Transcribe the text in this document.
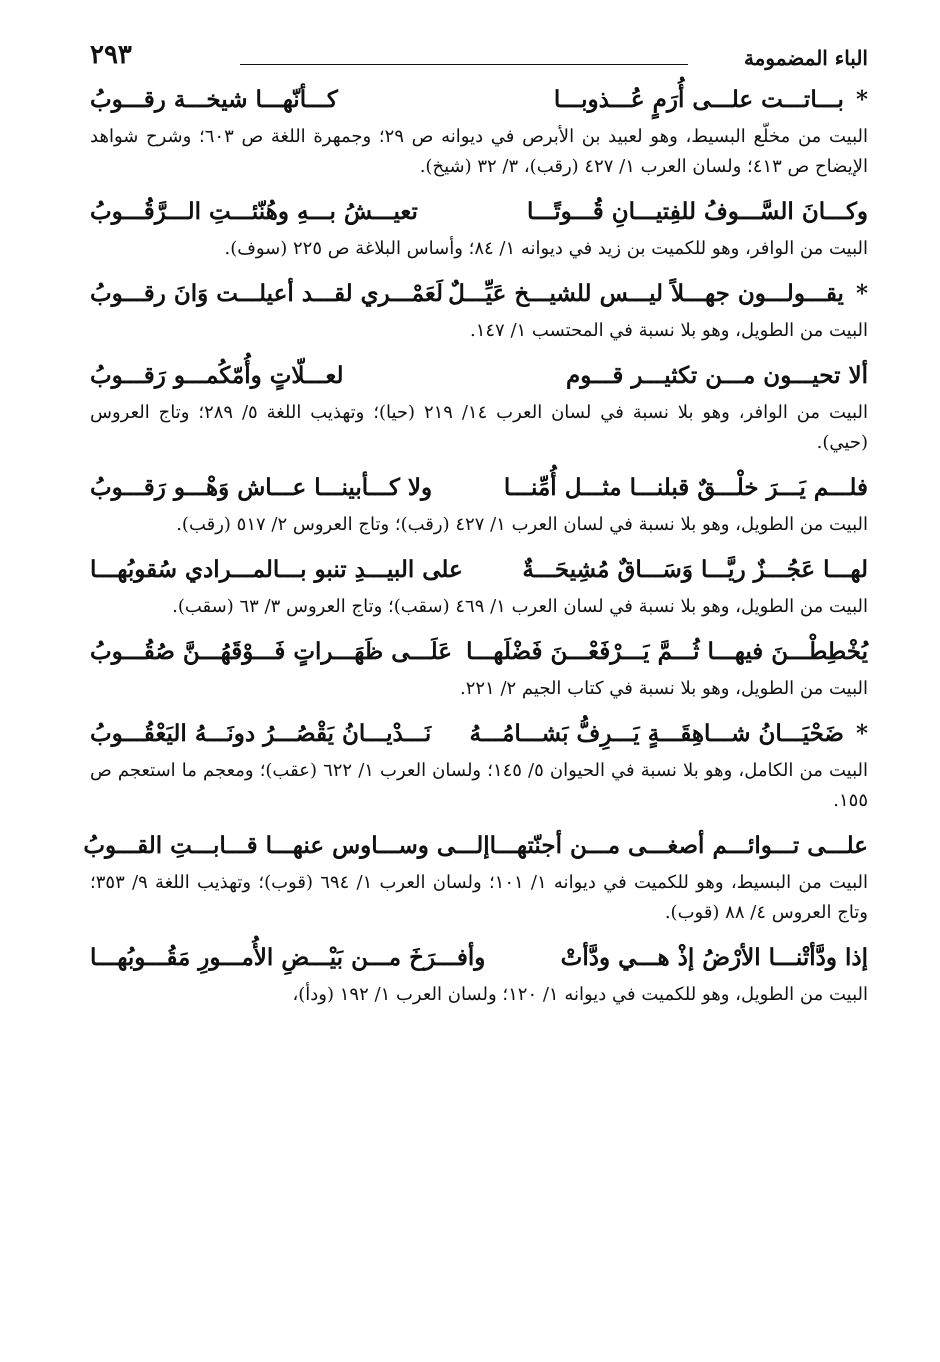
الباء المضمومة
٢٩٣
* بـــاتـــت علـــى أُرَمٍ عُـــذوبـــا
كـــأنّهـــا شيخـــة رقـــوبُ
البيت من مخلّع البسيط، وهو لعبيد بن الأبرص في ديوانه ص ٢٩؛ وجمهرة اللغة ص ٦٠٣؛ وشرح شواهد الإيضاح ص ٤١٣؛ ولسان العرب ١/ ٤٢٧ (رقب)، ٣/ ٣٢ (شيخ).
وكـــانَ السَّـــوفُ للفِتيـــانِ قُـــوتًـــا
تعيـــشُ بـــهِ وهُنّئـــتِ الـــرَّقُـــوبُ
البيت من الوافر، وهو للكميت بن زيد في ديوانه ١/ ٨٤؛ وأساس البلاغة ص ٢٢٥ (سوف).
* يقـــولـــون جهـــلاً ليـــس للشيـــخ عَيِّـــلٌ
لَعَمْـــري لقـــد أعيلـــت وَانَ رقـــوبُ
البيت من الطويل، وهو بلا نسبة في المحتسب ١/ ١٤٧.
ألا تحيـــون مـــن تكثيـــر قـــوم
لعـــلّاتٍ وأُمّكُمـــو رَقـــوبُ
البيت من الوافر، وهو بلا نسبة في لسان العرب ١٤/ ٢١٩ (حيا)؛ وتهذيب اللغة ٥/ ٢٨٩؛ وتاج العروس (حيي).
فلـــم يَـــرَ خلْـــقٌ قبلنـــا مثـــل أُمِّنـــا
ولا كـــأبينـــا عـــاش وَهْـــو رَقـــوبُ
البيت من الطويل، وهو بلا نسبة في لسان العرب ١/ ٤٢٧ (رقب)؛ وتاج العروس ٢/ ٥١٧ (رقب).
لهـــا عَجُـــزٌ ريَّـــا وَسَـــاقٌ مُشِيحَـــةٌ
على البيـــدِ تنبو بـــالمـــرادي سُقوبُهـــا
البيت من الطويل، وهو بلا نسبة في لسان العرب ١/ ٤٦٩ (سقب)؛ وتاج العروس ٣/ ٦٣ (سقب).
يُخْطِطْـــنَ فيهـــا ثُـــمَّ يَـــرْفَعْـــنَ فَضْلَهـــا
عَلَـــى ظَهَـــراتٍ فَـــوْقَهُـــنَّ صُقُـــوبُ
البيت من الطويل، وهو بلا نسبة في كتاب الجيم ٢/ ٢٢١.
* ضَحْيَـــانُ شـــاهِقَـــةٍ يَـــرِفُّ بَشـــامُـــهُ
نَـــدْيـــانُ يَقْصُـــرُ دونَـــهُ اليَعْقُـــوبُ
البيت من الكامل، وهو بلا نسبة في الحيوان ٥/ ١٤٥؛ ولسان العرب ١/ ٦٢٢ (عقب)؛ ومعجم ما استعجم ص ١٥٥.
علـــى تـــوائـــم أصغـــى مـــن أجنّتهـــا
إلـــى وســـاوس عنهـــا قـــابـــتِ القـــوبُ
البيت من البسيط، وهو للكميت في ديوانه ١/ ١٠١؛ ولسان العرب ١/ ٦٩٤ (قوب)؛ وتهذيب اللغة ٩/ ٣٥٣؛ وتاج العروس ٤/ ٨٨ (قوب).
إذا ودَّأتْنـــا الأرْضُ إذْ هـــي ودَّأتْ
وأفـــرَخَ مـــن بَيْـــضِ الأُمـــورِ مَقُـــوبُهـــا
البيت من الطويل، وهو للكميت في ديوانه ١/ ١٢٠؛ ولسان العرب ١/ ١٩٢ (ودأ)،
